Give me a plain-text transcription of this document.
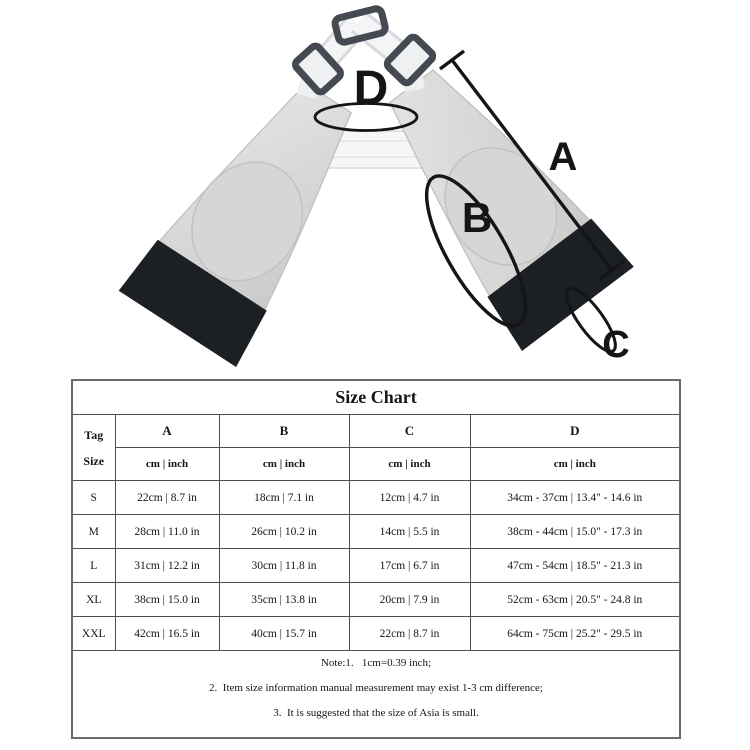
D
A
B
C
Size Chart				

Tag
Size	A	B	C	D
	cm | inch	cm | inch	cm | inch	cm | inch
S	22cm | 8.7 in	18cm | 7.1 in	12cm | 4.7 in	34cm - 37cm | 13.4" - 14.6 in
M	28cm | 11.0 in	26cm | 10.2 in	14cm | 5.5 in	38cm - 44cm | 15.0" - 17.3 in
L	31cm | 12.2 in	30cm | 11.8 in	17cm | 6.7 in	47cm - 54cm | 18.5" - 21.3 in
XL	38cm | 15.0 in	35cm | 13.8 in	20cm | 7.9 in	52cm - 63cm | 20.5" - 24.8 in
XXL	42cm | 16.5 in	40cm | 15.7 in	22cm | 8.7 in	64cm - 75cm | 25.2" - 29.5 in

Note:1.   1cm=0.39 inch;
2.  Item size information manual measurement may exist 1-3 cm difference;
3.  It is suggested that the size of Asia is small.				
